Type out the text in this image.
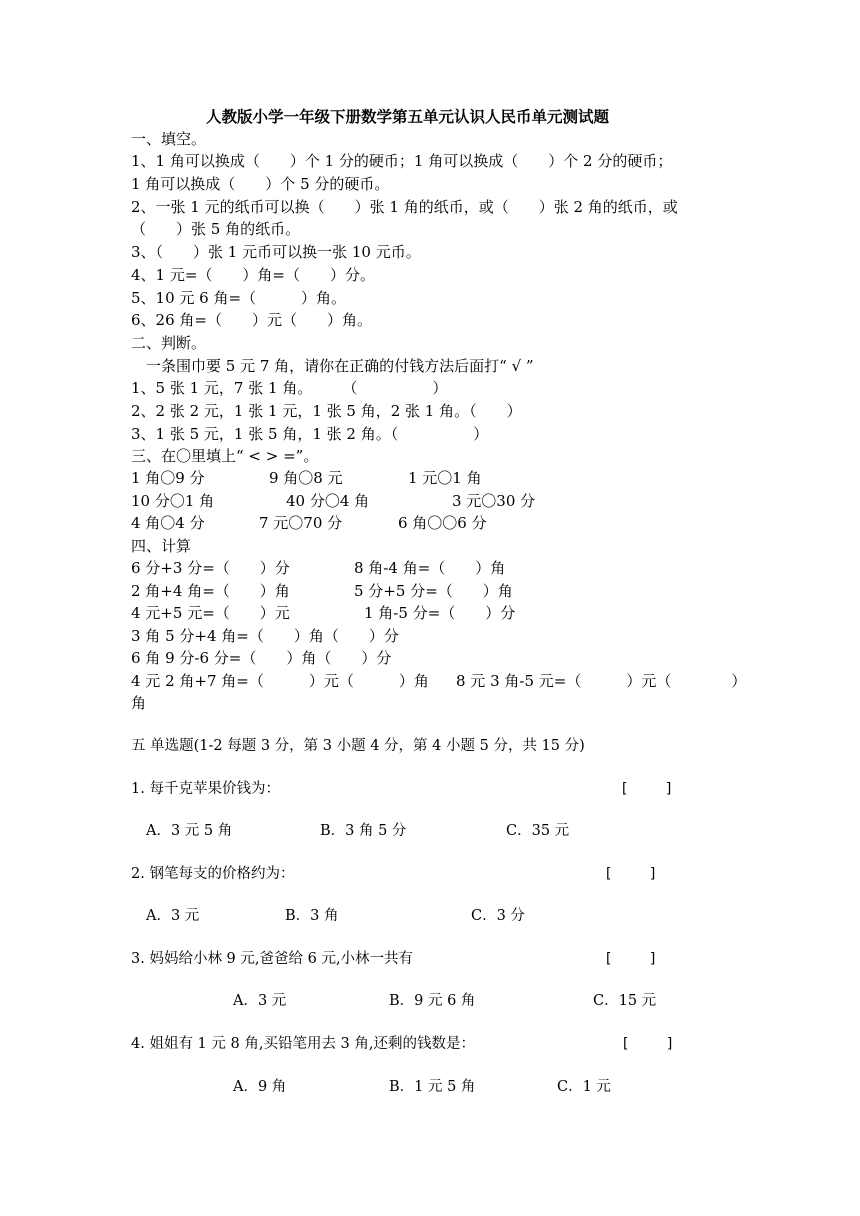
人教版小学一年级下册数学第五单元认识人民币单元测试题
一、填空。
1、1 角可以换成（　　）个 1 分的硬币；1 角可以换成（　　）个 2 分的硬币；
1 角可以换成（　　）个 5 分的硬币。
2、一张 1 元的纸币可以换（　　）张 1 角的纸币，或（　　）张 2 角的纸币，或
（　　）张 5 角的纸币。
3、（　　）张 1 元币可以换一张 10 元币。
4、1 元=（　　）角=（　　）分。
5、10 元 6 角=（　　　）角。
6、26 角=（　　）元（　　）角。
二、判断。
一条围巾要 5 元 7 角，请你在正确的付钱方法后面打“ √ ”
1、5 张 1 元，7 张 1 角。　　　（　　　　　）
2、2 张 2 元，1 张 1 元，1 张 5 角，2 张 1 角。（　　）
3、1 张 5 元，1 张 5 角，1 张 2 角。（　　　　　）
三、在〇里填上“ < > =”。
1 角〇9 分	9 角〇8 元	1 元〇1 角
10 分〇1 角	40 分〇4 角	3 元〇30 分
4 角〇4 分	7 元〇70 分	6 角〇〇6 分
四、计算
6 分+3 分=（　　）分	8 角-4 角=（　　）角
2 角+4 角=（　　）角	5 分+5 分=（　　）角
4 元+5 元=（　　）元	1 角-5 分=（　　）分
3 角 5 分+4 角=（　　）角（　　）分
6 角 9 分-6 分=（　　）角（　　）分
4 元 2 角+7 角=（　　　）元（　　　）角 8 元 3 角-5 元=（　　　）元（　　　　）
角
五 单选题(1-2 每题 3 分，第 3 小题 4 分，第 4 小题 5 分，共 15 分)
1. 每千克苹果价钱为：	[　　 ]
A．3 元 5 角	B．3 角 5 分	C．35 元
2. 钢笔每支的价格约为：	[　　 ]
A．3 元	B．3 角	C．3 分
3. 妈妈给小林 9 元,爸爸给 6 元,小林一共有	[　　 ]
A．3 元	B．9 元 6 角	C．15 元
4. 姐姐有 1 元 8 角,买铅笔用去 3 角,还剩的钱数是：	[　　 ]
A．9 角	B．1 元 5 角	C．1 元
